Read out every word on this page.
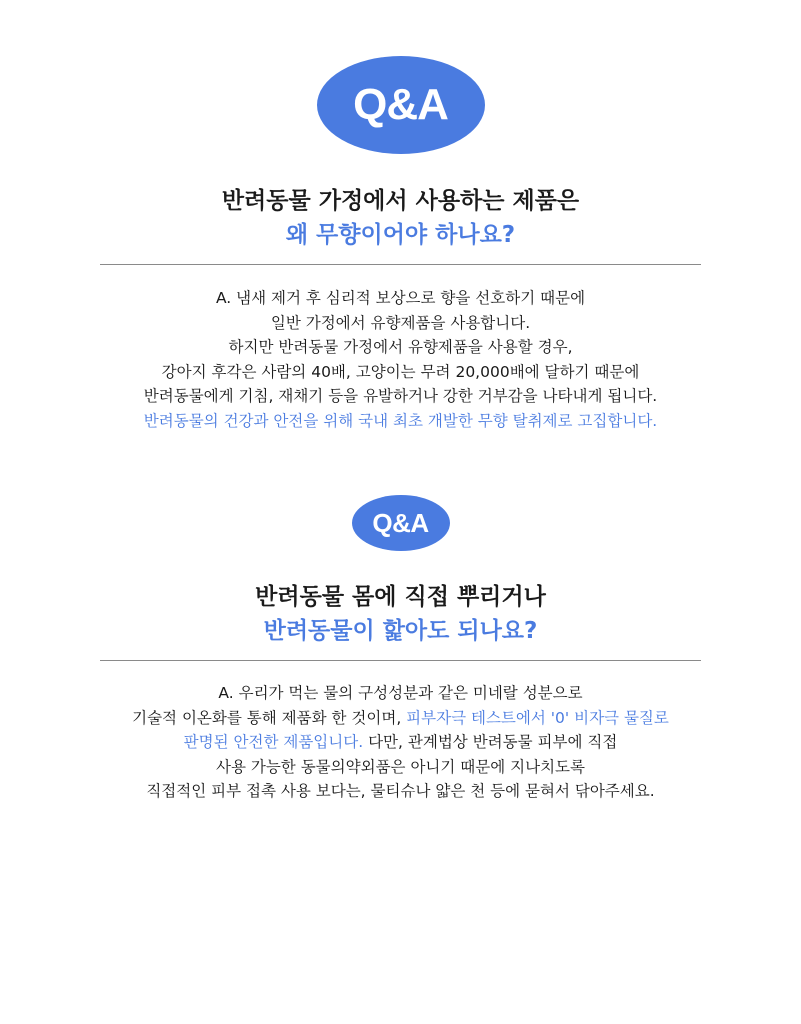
Q&A
반려동물 가정에서 사용하는 제품은
왜 무향이어야 하나요?
A. 냄새 제거 후 심리적 보상으로 향을 선호하기 때문에
일반 가정에서 유향제품을 사용합니다.
하지만 반려동물 가정에서 유향제품을 사용할 경우,
강아지 후각은 사람의 40배, 고양이는 무려 20,000배에 달하기 때문에
반려동물에게 기침, 재채기 등을 유발하거나 강한 거부감을 나타내게 됩니다.
반려동물의 건강과 안전을 위해 국내 최초 개발한 무향 탈취제로 고집합니다.
Q&A
반려동물 몸에 직접 뿌리거나
반려동물이 핥아도 되나요?
A. 우리가 먹는 물의 구성성분과 같은 미네랄 성분으로
기술적 이온화를 통해 제품화 한 것이며, 피부자극 테스트에서 '0' 비자극 물질로
판명된 안전한 제품입니다. 다만, 관계법상 반려동물 피부에 직접
사용 가능한 동물의약외품은 아니기 때문에 지나치도록
직접적인 피부 접촉 사용 보다는, 물티슈나 얇은 천 등에 묻혀서 닦아주세요.
